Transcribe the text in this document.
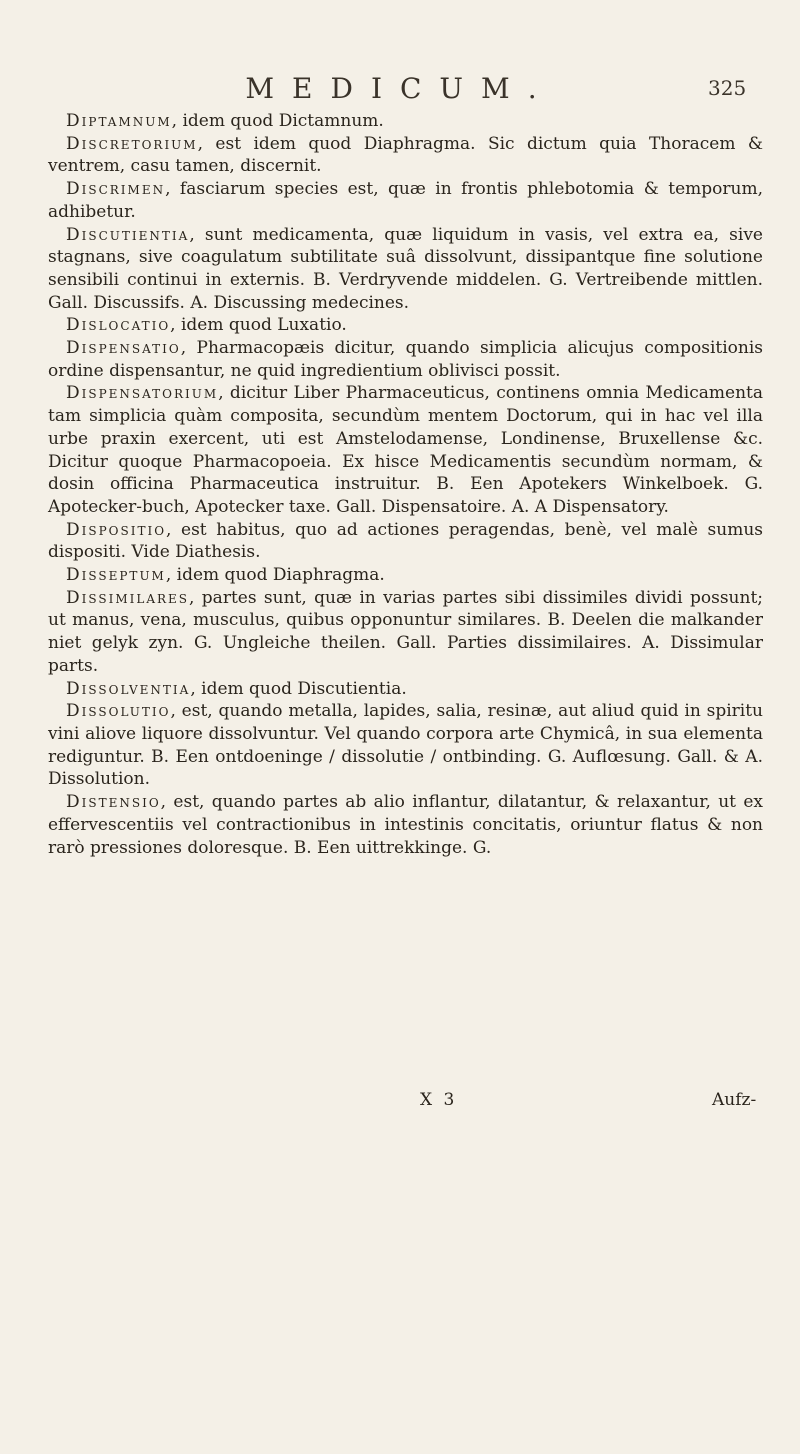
MEDICUM.	325

Diptamnum, idem quod Dictamnum.

Discretorium, est idem quod Diaphragma. Sic dictum quia Thoracem & ventrem, casu tamen, discernit.

Discrimen, fasciarum species est, quæ in frontis phlebotomia & temporum, adhibetur.

Discutientia, sunt medicamenta, quæ liquidum in vasis, vel extra ea, sive stagnans, sive coagulatum subtilitate suâ dissolvunt, dissipantque fine solutione sensibili continui in externis. B. Verdryvende middelen. G. Vertreibende mittlen. Gall. Discussifs. A. Discussing medecines.

Dislocatio, idem quod Luxatio.

Dispensatio, Pharmacopæis dicitur, quando simplicia alicujus compositionis ordine dispensantur, ne quid ingredientium oblivisci possit.

Dispensatorium, dicitur Liber Pharmaceuticus, continens omnia Medicamenta tam simplicia quàm composita, secundùm mentem Doctorum, qui in hac vel illa urbe praxin exercent, uti est Amstelodamense, Londinense, Bruxellense &c. Dicitur quoque Pharmacopoeia. Ex hisce Medicamentis secundùm normam, & dosin officina Pharmaceutica instruitur. B. Een Apotekers Winkelboek. G. Apotecker-buch, Apotecker taxe. Gall. Dispensatoire. A. A Dispensatory.

Dispositio, est habitus, quo ad actiones peragendas, benè, vel malè sumus dispositi. Vide Diathesis.

Disseptum, idem quod Diaphragma.

Dissimilares, partes sunt, quæ in varias partes sibi dissimiles dividi possunt; ut manus, vena, musculus, quibus opponuntur similares. B. Deelen die malkander niet gelyk zyn. G. Ungleiche theilen. Gall. Parties dissimilaires. A. Dissimular parts.

Dissolventia, idem quod Discutientia.

Dissolutio, est, quando metalla, lapides, salia, resinæ, aut aliud quid in spiritu vini aliove liquore dissolvuntur. Vel quando corpora arte Chymicâ, in sua elementa rediguntur. B. Een ontdoeninge / dissolutie / ontbinding. G. Auflœsung. Gall. & A. Dissolution.

Distensio, est, quando partes ab alio inflantur, dilatantur, & relaxantur, ut ex effervescentiis vel contractionibus in intestinis concitatis, oriuntur flatus & non rarò pressiones doloresque. B. Een uittrekkinge. G.

X 3	Aufz-
